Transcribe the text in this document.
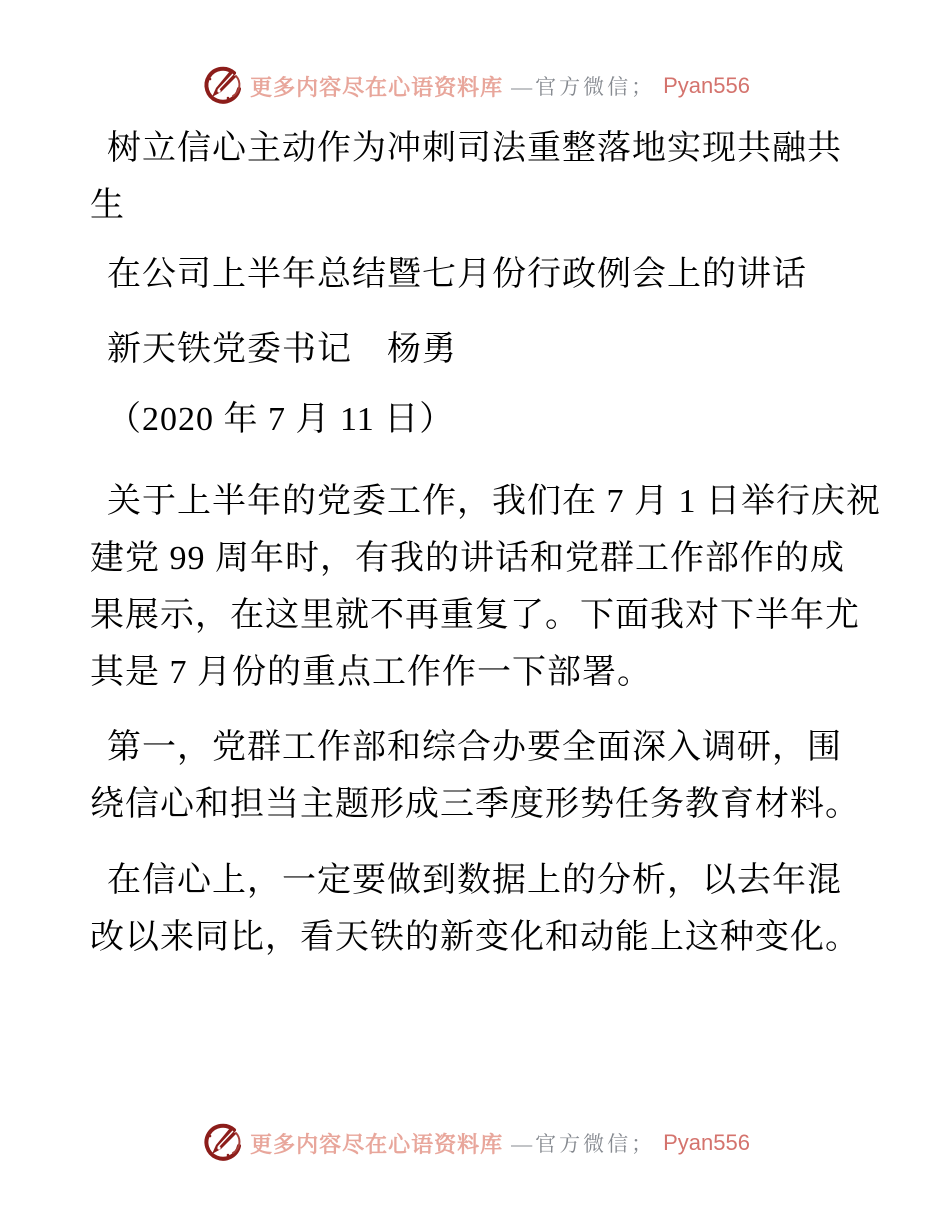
更多内容尽在心语资料库 —官方微信； Pyan556

树立信心主动作为冲刺司法重整落地实现共融共
生

在公司上半年总结暨七月份行政例会上的讲话

新天铁党委书记　杨勇

（2020 年 7 月 11 日）

关于上半年的党委工作，我们在 7 月 1 日举行庆祝
建党 99 周年时，有我的讲话和党群工作部作的成
果展示，在这里就不再重复了。下面我对下半年尤
其是 7 月份的重点工作作一下部署。

第一，党群工作部和综合办要全面深入调研，围
绕信心和担当主题形成三季度形势任务教育材料。

在信心上，一定要做到数据上的分析，以去年混
改以来同比，看天铁的新变化和动能上这种变化。

更多内容尽在心语资料库 —官方微信； Pyan556
